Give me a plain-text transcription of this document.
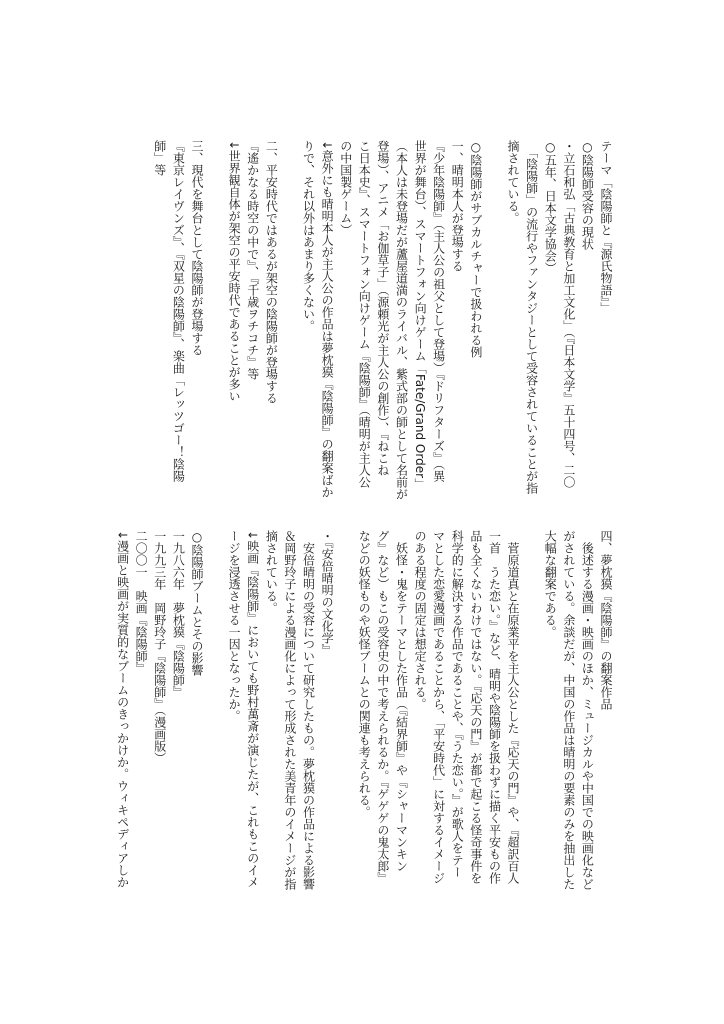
テーマ「陰陽師と『源氏物語』」
○陰陽師受容の現状
・立石和弘「古典教育と加工文化」（『日本文学』五十四号、二〇
○五年、日本文学協会）
　「陰陽師」の流行やファンタジーとして受容されていることが指
摘されている。
○陰陽師がサブカルチャーで扱われる例
一、晴明本人が登場する
『少年陰陽師』（主人公の祖父として登場）『ドリフターズ』（異
世界が舞台）、スマートフォン向けゲーム「Fate/Grand Order」
（本人は未登場だが蘆屋道満のライバル、紫式部の師として名前が
登場）、アニメ「お伽草子」（源頼光が主人公の創作）、『ねこね
こ日本史』、スマートフォン向けゲーム『陰陽師』（晴明が主人公
の中国製ゲーム）
↓意外にも晴明本人が主人公の作品は夢枕獏『陰陽師』の翻案ばか
りで、それ以外はあまり多くない。
二、平安時代ではあるが架空の陰陽師が登場する
『遙かなる時空の中で』、『千歳ヲチコチ』等
↓世界観自体が架空の平安時代であることが多い
三、現代を舞台として陰陽師が登場する
『東京レイヴンズ』、『双星の陰陽師』、楽曲「レッツゴー！陰陽
師」等
四、夢枕獏『陰陽師』の翻案作品
　後述する漫画・映画のほか、ミュージカルや中国での映画化など
がされている。余談だが、中国の作品は晴明の要素のみを抽出した
大幅な翻案である。
　菅原道真と在原業平を主人公とした『応天の門』や、『超訳百人
一首　うた恋い。』など、晴明や陰陽師を扱わずに描く平安もの作
品も全くないわけではない。『応天の門』が都で起こる怪奇事件を
科学的に解決する作品であることや、『うた恋い。』が歌人をテー
マとした恋愛漫画であることから、「平安時代」に対するイメージ
のある程度の固定は想定される。
　妖怪・鬼をテーマとした作品（『結界師』や『シャーマンキン
グ』など）もこの受容史の中で考えられるか。『ゲゲゲの鬼太郎』
などの妖怪ものや妖怪ブームとの関連も考えられる。
・『安倍晴明の文化学』
　安倍晴明の受容について研究したもの。夢枕獏の作品による影響
＆岡野玲子による漫画化によって形成された美青年のイメージが指
摘されている。
↓映画『陰陽師』においても野村萬斎が演じたが、これもこのイメ
ージを浸透させる一因となったか。
○陰陽師ブームとその影響
一九八六年　夢枕獏『陰陽師』
一九九三年　岡野玲子『陰陽師』（漫画版）
二〇〇一　映画『陰陽師』
↓漫画と映画が実質的なブームのきっかけか。ウィキペディアしか
